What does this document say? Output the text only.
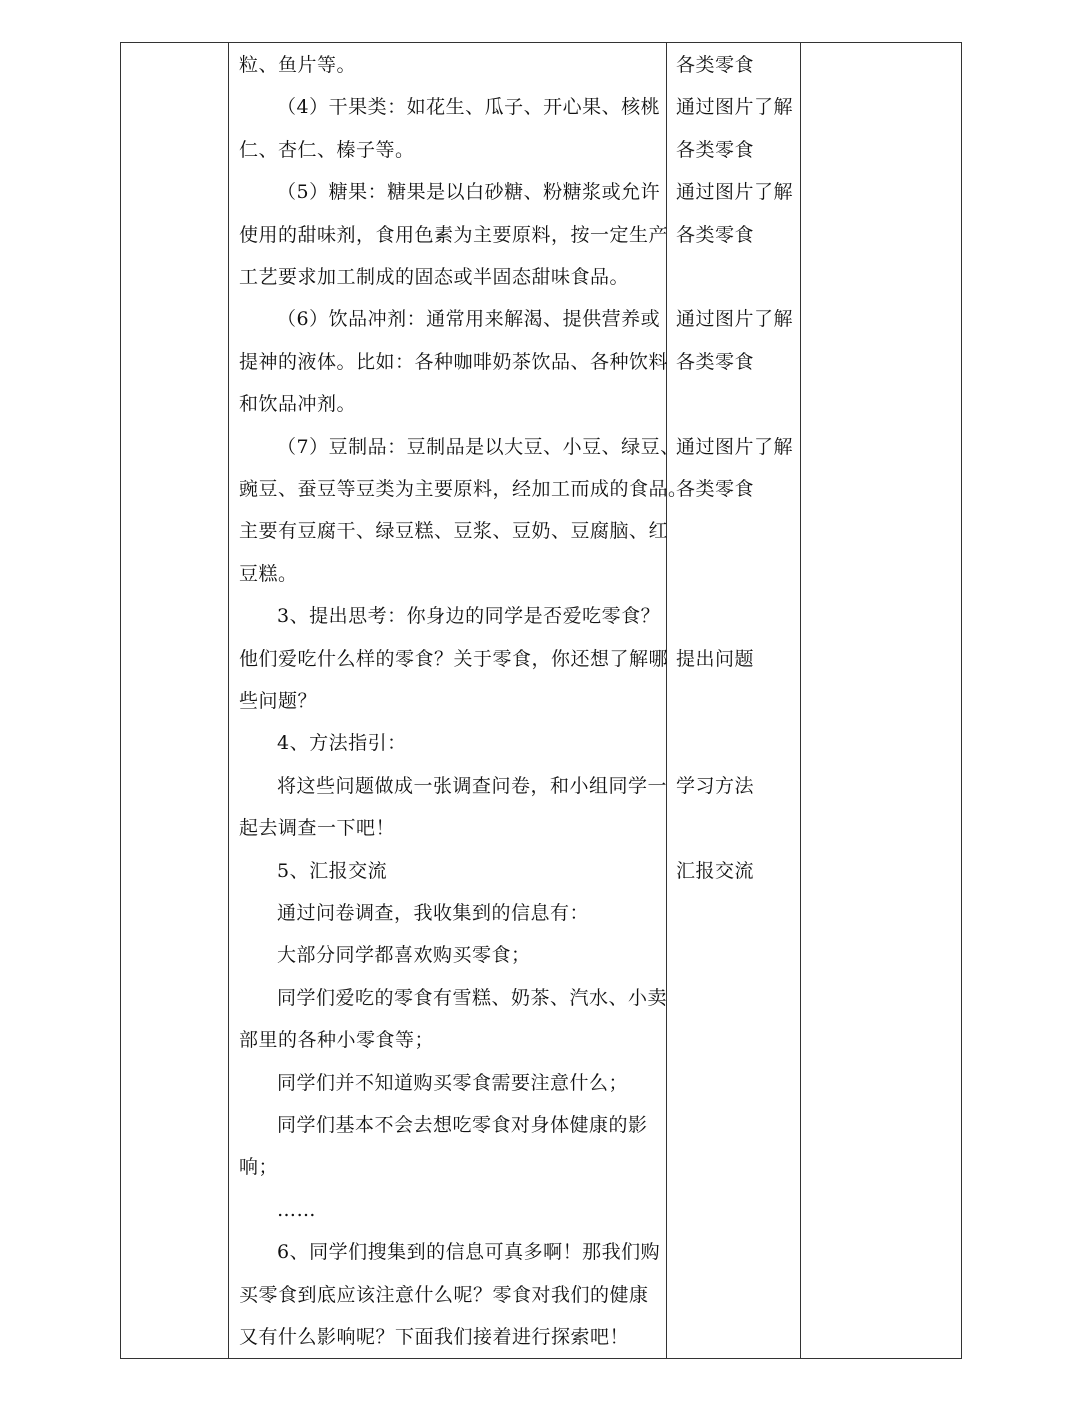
粒、鱼片等。
（4）干果类：如花生、瓜子、开心果、核桃
仁、杏仁、榛子等。
（5）糖果：糖果是以白砂糖、粉糖浆或允许
使用的甜味剂，食用色素为主要原料，按一定生产
工艺要求加工制成的固态或半固态甜味食品。
（6）饮品冲剂：通常用来解渴、提供营养或
提神的液体。比如：各种咖啡奶茶饮品、各种饮料
和饮品冲剂。
（7）豆制品：豆制品是以大豆、小豆、绿豆、
豌豆、蚕豆等豆类为主要原料，经加工而成的食品。
主要有豆腐干、绿豆糕、豆浆、豆奶、豆腐脑、红
豆糕。
3、提出思考：你身边的同学是否爱吃零食？
他们爱吃什么样的零食？关于零食，你还想了解哪
些问题？
4、方法指引：
将这些问题做成一张调查问卷，和小组同学一
起去调查一下吧！
5、汇报交流
通过问卷调查，我收集到的信息有：
大部分同学都喜欢购买零食；
同学们爱吃的零食有雪糕、奶茶、汽水、小卖
部里的各种小零食等；
同学们并不知道购买零食需要注意什么；
同学们基本不会去想吃零食对身体健康的影
响；
……
6、同学们搜集到的信息可真多啊！那我们购
买零食到底应该注意什么呢？零食对我们的健康
又有什么影响呢？下面我们接着进行探索吧！
各类零食
通过图片了解
各类零食
通过图片了解
各类零食
通过图片了解
各类零食
通过图片了解
各类零食
提出问题
学习方法
汇报交流
